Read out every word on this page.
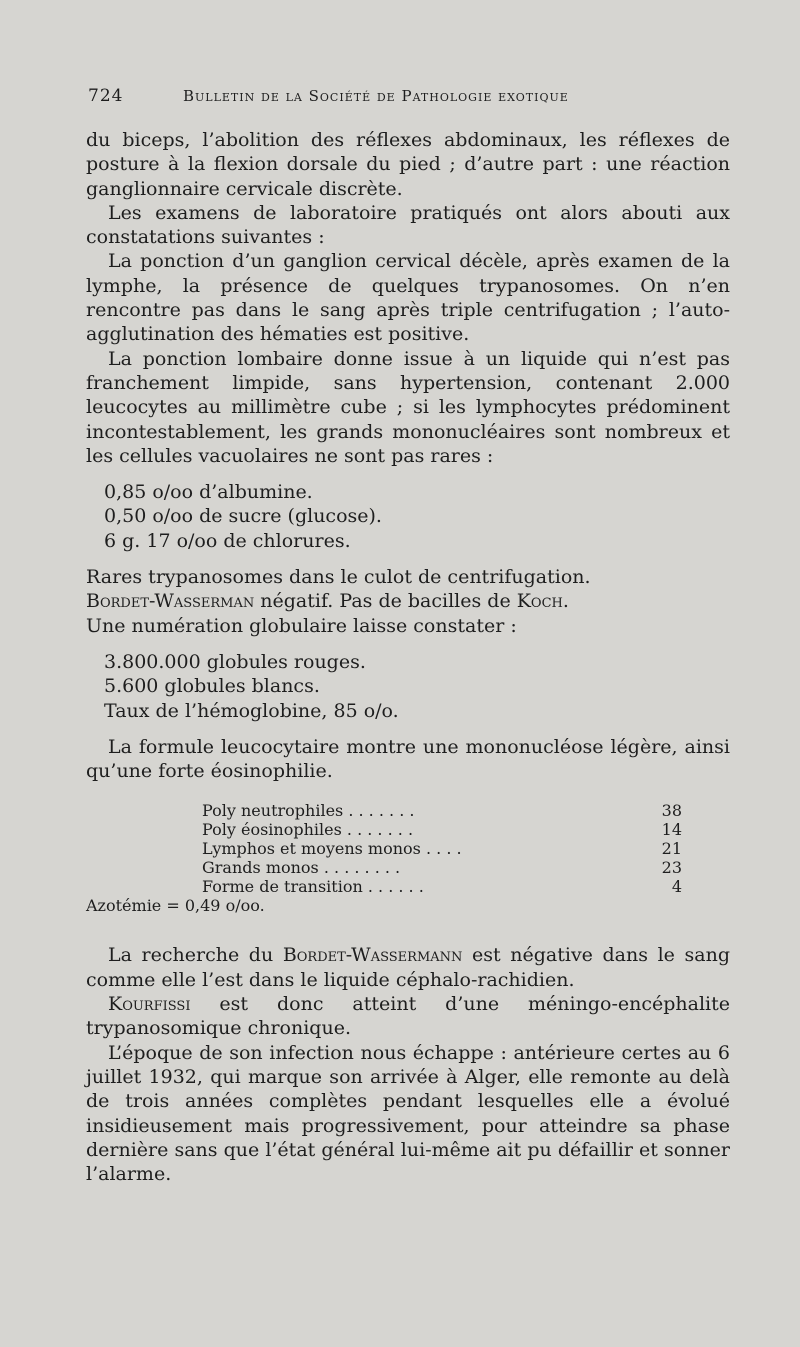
724	Bulletin de la Société de Pathologie exotique

du biceps, l’abolition des réflexes abdominaux, les réflexes de posture à la flexion dorsale du pied ; d’autre part : une réaction ganglionnaire cervicale discrète.

Les examens de laboratoire pratiqués ont alors abouti aux constatations suivantes :

La ponction d’un ganglion cervical décèle, après examen de la lymphe, la présence de quelques trypanosomes. On n’en rencontre pas dans le sang après triple centrifugation ; l’auto-agglutination des hématies est positive.

La ponction lombaire donne issue à un liquide qui n’est pas franchement limpide, sans hypertension, contenant 2.000 leucocytes au millimètre cube ; si les lymphocytes prédominent incontestablement, les grands mononucléaires sont nombreux et les cellules vacuolaires ne sont pas rares :

0,85 o/oo d’albumine.
0,50 o/oo de sucre (glucose).
6 g. 17 o/oo de chlorures.

Rares trypanosomes dans le culot de centrifugation.

Bordet-Wasserman négatif. Pas de bacilles de Koch.

Une numération globulaire laisse constater :

3.800.000 globules rouges.
5.600 globules blancs.
Taux de l’hémoglobine, 85 o/o.

La formule leucocytaire montre une mononucléose légère, ainsi qu’une forte éosinophilie.

Poly neutrophiles . . . . . . .	38
Poly éosinophiles . . . . . . .	14
Lymphos et moyens monos . . . .	21
Grands monos . . . . . . . .	23
Forme de transition . . . . . .	4
Azotémie = 0,49 o/oo.

La recherche du Bordet-Wassermann est négative dans le sang comme elle l’est dans le liquide céphalo-rachidien.

Kourfissi est donc atteint d’une méningo-encéphalite trypanosomique chronique.

L’époque de son infection nous échappe : antérieure certes au 6 juillet 1932, qui marque son arrivée à Alger, elle remonte au delà de trois années complètes pendant lesquelles elle a évolué insidieusement mais progressivement, pour atteindre sa phase dernière sans que l’état général lui-même ait pu défaillir et sonner l’alarme.
